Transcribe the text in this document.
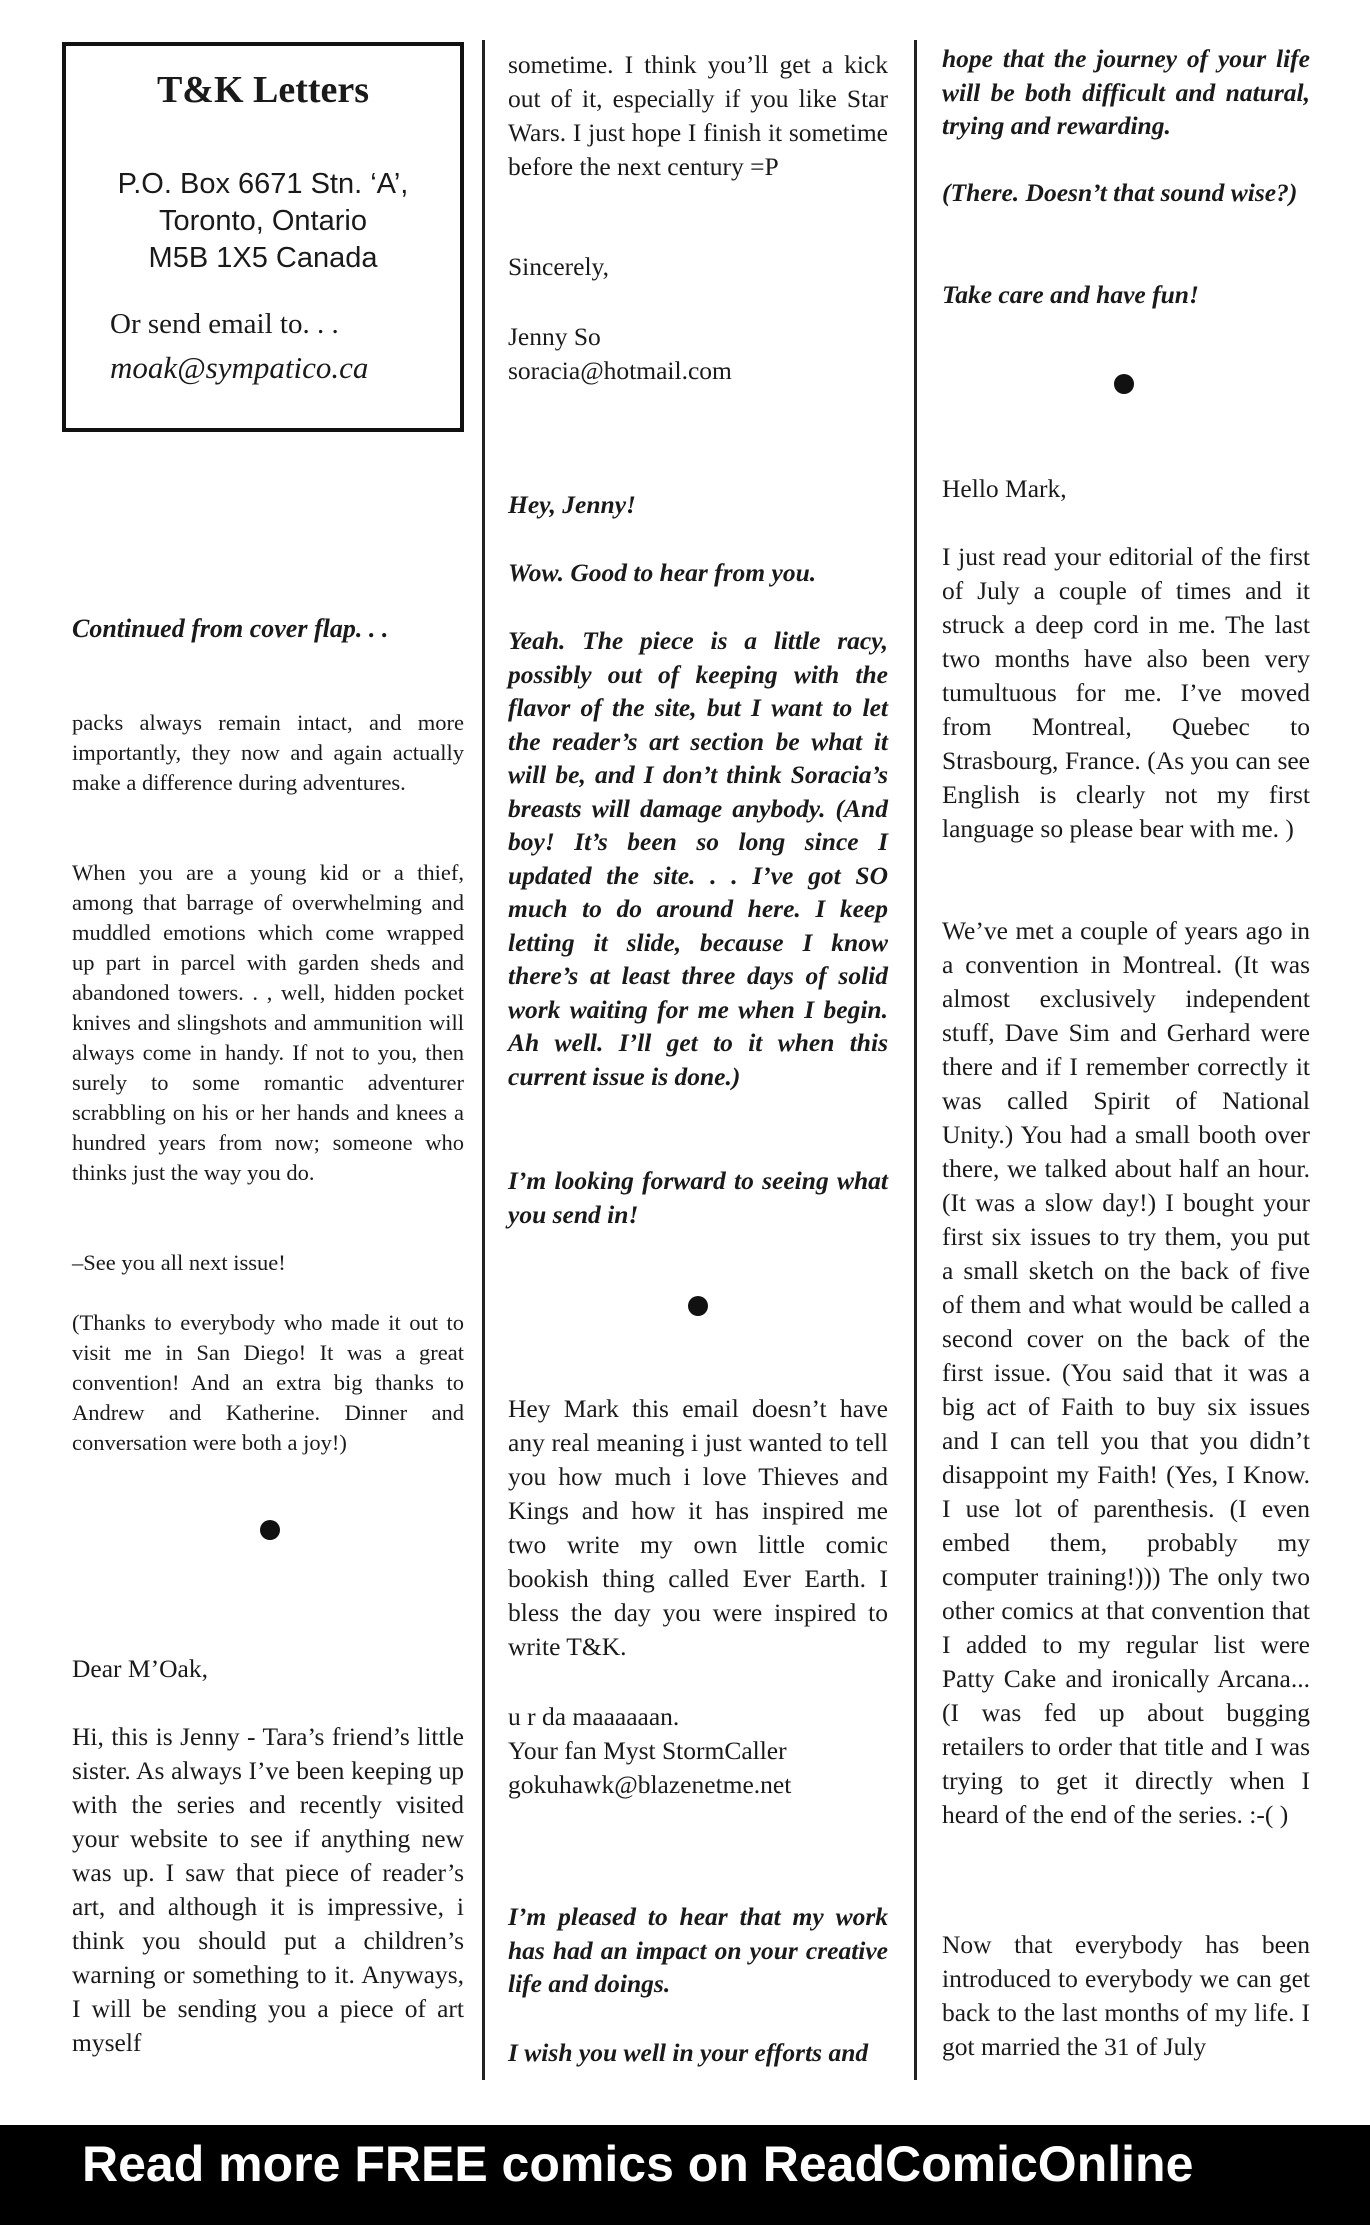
T&K Letters
P.O. Box 6671 Stn. ‘A’,
Toronto, Ontario
M5B 1X5 Canada
Or send email to. . .
moak@sympatico.ca

Continued from cover flap. . .

packs always remain intact, and more importantly, they now and again actually make a difference during adventures.

When you are a young kid or a thief, among that barrage of overwhelming and muddled emotions which come wrapped up part in parcel with garden sheds and abandoned towers. . , well, hidden pocket knives and slingshots and ammunition will always come in handy. If not to you, then surely to some romantic adventurer scrabbling on his or her hands and knees a hundred years from now; someone who thinks just the way you do.

–See you all next issue!

(Thanks to everybody who made it out to visit me in San Diego! It was a great convention! And an extra big thanks to Andrew and Katherine. Dinner and conversation were both a joy!)

Dear M’Oak,

Hi, this is Jenny - Tara’s friend’s little sister. As always I’ve been keeping up with the series and recently visited your website to see if anything new was up. I saw that piece of reader’s art, and although it is impressive, i think you should put a children’s warning or something to it. Anyways, I will be sending you a piece of art myself

sometime. I think you’ll get a kick out of it, especially if you like Star Wars. I just hope I finish it sometime before the next century =P

Sincerely,

Jenny So

soracia@hotmail.com

Hey, Jenny!

Wow. Good to hear from you.

Yeah. The piece is a little racy, possibly out of keeping with the flavor of the site, but I want to let the reader’s art section be what it will be, and I don’t think Soracia’s breasts will damage anybody. (And boy! It’s been so long since I updated the site. . . I’ve got SO much to do around here. I keep letting it slide, because I know there’s at least three days of solid work waiting for me when I begin. Ah well. I’ll get to it when this current issue is done.)

I’m looking forward to seeing what you send in!

Hey Mark this email doesn’t have any real meaning i just wanted to tell you how much i love Thieves and Kings and how it has inspired me two write my own little comic bookish thing called Ever Earth. I bless the day you were inspired to write T&K.

u r da maaaaaan.

Your fan Myst StormCaller

gokuhawk@blazenetme.net

I’m pleased to hear that my work has had an impact on your creative life and doings.

I wish you well in your efforts and

hope that the journey of your life will be both difficult and natural, trying and rewarding.

(There. Doesn’t that sound wise?)

Take care and have fun!

Hello Mark,

I just read your editorial of the first of July a couple of times and it struck a deep cord in me. The last two months have also been very tumultuous for me. I’ve moved from Montreal, Quebec to Strasbourg, France. (As you can see English is clearly not my first language so please bear with me. )

We’ve met a couple of years ago in a convention in Montreal. (It was almost exclusively independent stuff, Dave Sim and Gerhard were there and if I remember correctly it was called Spirit of National Unity.) You had a small booth over there, we talked about half an hour. (It was a slow day!) I bought your first six issues to try them, you put a small sketch on the back of five of them and what would be called a second cover on the back of the first issue. (You said that it was a big act of Faith to buy six issues and I can tell you that you didn’t disappoint my Faith! (Yes, I Know. I use lot of parenthesis. (I even embed them, probably my computer training!))) The only two other comics at that convention that I added to my regular list were Patty Cake and ironically Arcana... (I was fed up about bugging retailers to order that title and I was trying to get it directly when I heard of the end of the series. :-( )

Now that everybody has been introduced to everybody we can get back to the last months of my life. I got married the 31 of July

Read more FREE comics on ReadComicOnline
